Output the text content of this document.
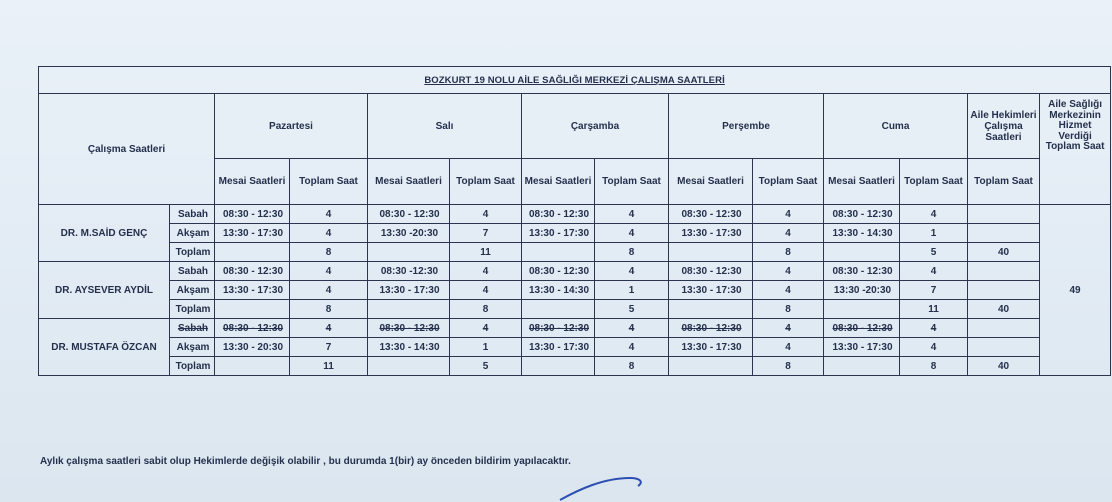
BOZKURT 19 NOLU AİLE SAĞLIĞI MERKEZİ ÇALIŞMA SAATLERİ													
Çalışma Saatleri		Pazartesi		Salı		Çarşamba		Perşembe		Cuma		Aile Hekimleri Çalışma Saatleri	Aile Sağlığı Merkezinin Hizmet Verdiği Toplam Saat
		Mesai Saatleri	Toplam Saat	Mesai Saatleri	Toplam Saat	Mesai Saatleri	Toplam Saat	Mesai Saatleri	Toplam Saat	Mesai Saatleri	Toplam Saat	Toplam Saat	
DR. M.SAİD GENÇ	Sabah	08:30 - 12:30	4	08:30 - 12:30	4	08:30 - 12:30	4	08:30 - 12:30	4	08:30 - 12:30	4		49
	Akşam	13:30 - 17:30	4	13:30 -20:30	7	13:30 - 17:30	4	13:30 - 17:30	4	13:30 - 14:30	1		
	Toplam		8		11		8		8		5	40	
DR. AYSEVER AYDİL	Sabah	08:30 - 12:30	4	08:30 -12:30	4	08:30 - 12:30	4	08:30 - 12:30	4	08:30 - 12:30	4		
	Akşam	13:30 - 17:30	4	13:30 - 17:30	4	13:30 - 14:30	1	13:30 - 17:30	4	13:30 -20:30	7		
	Toplam		8		8		5		8		11	40	
DR. MUSTAFA ÖZCAN	Sabah	08:30 - 12:30	4	08:30 - 12:30	4	08:30 - 12:30	4	08:30 - 12:30	4	08:30 - 12:30	4		
	Akşam	13:30 - 20:30	7	13:30 - 14:30	1	13:30 - 17:30	4	13:30 - 17:30	4	13:30 - 17:30	4		
	Toplam		11		5		8		8		8	40	
Aylık çalışma saatleri sabit olup Hekimlerde değişik olabilir , bu durumda 1(bir) ay önceden bildirim yapılacaktır.
